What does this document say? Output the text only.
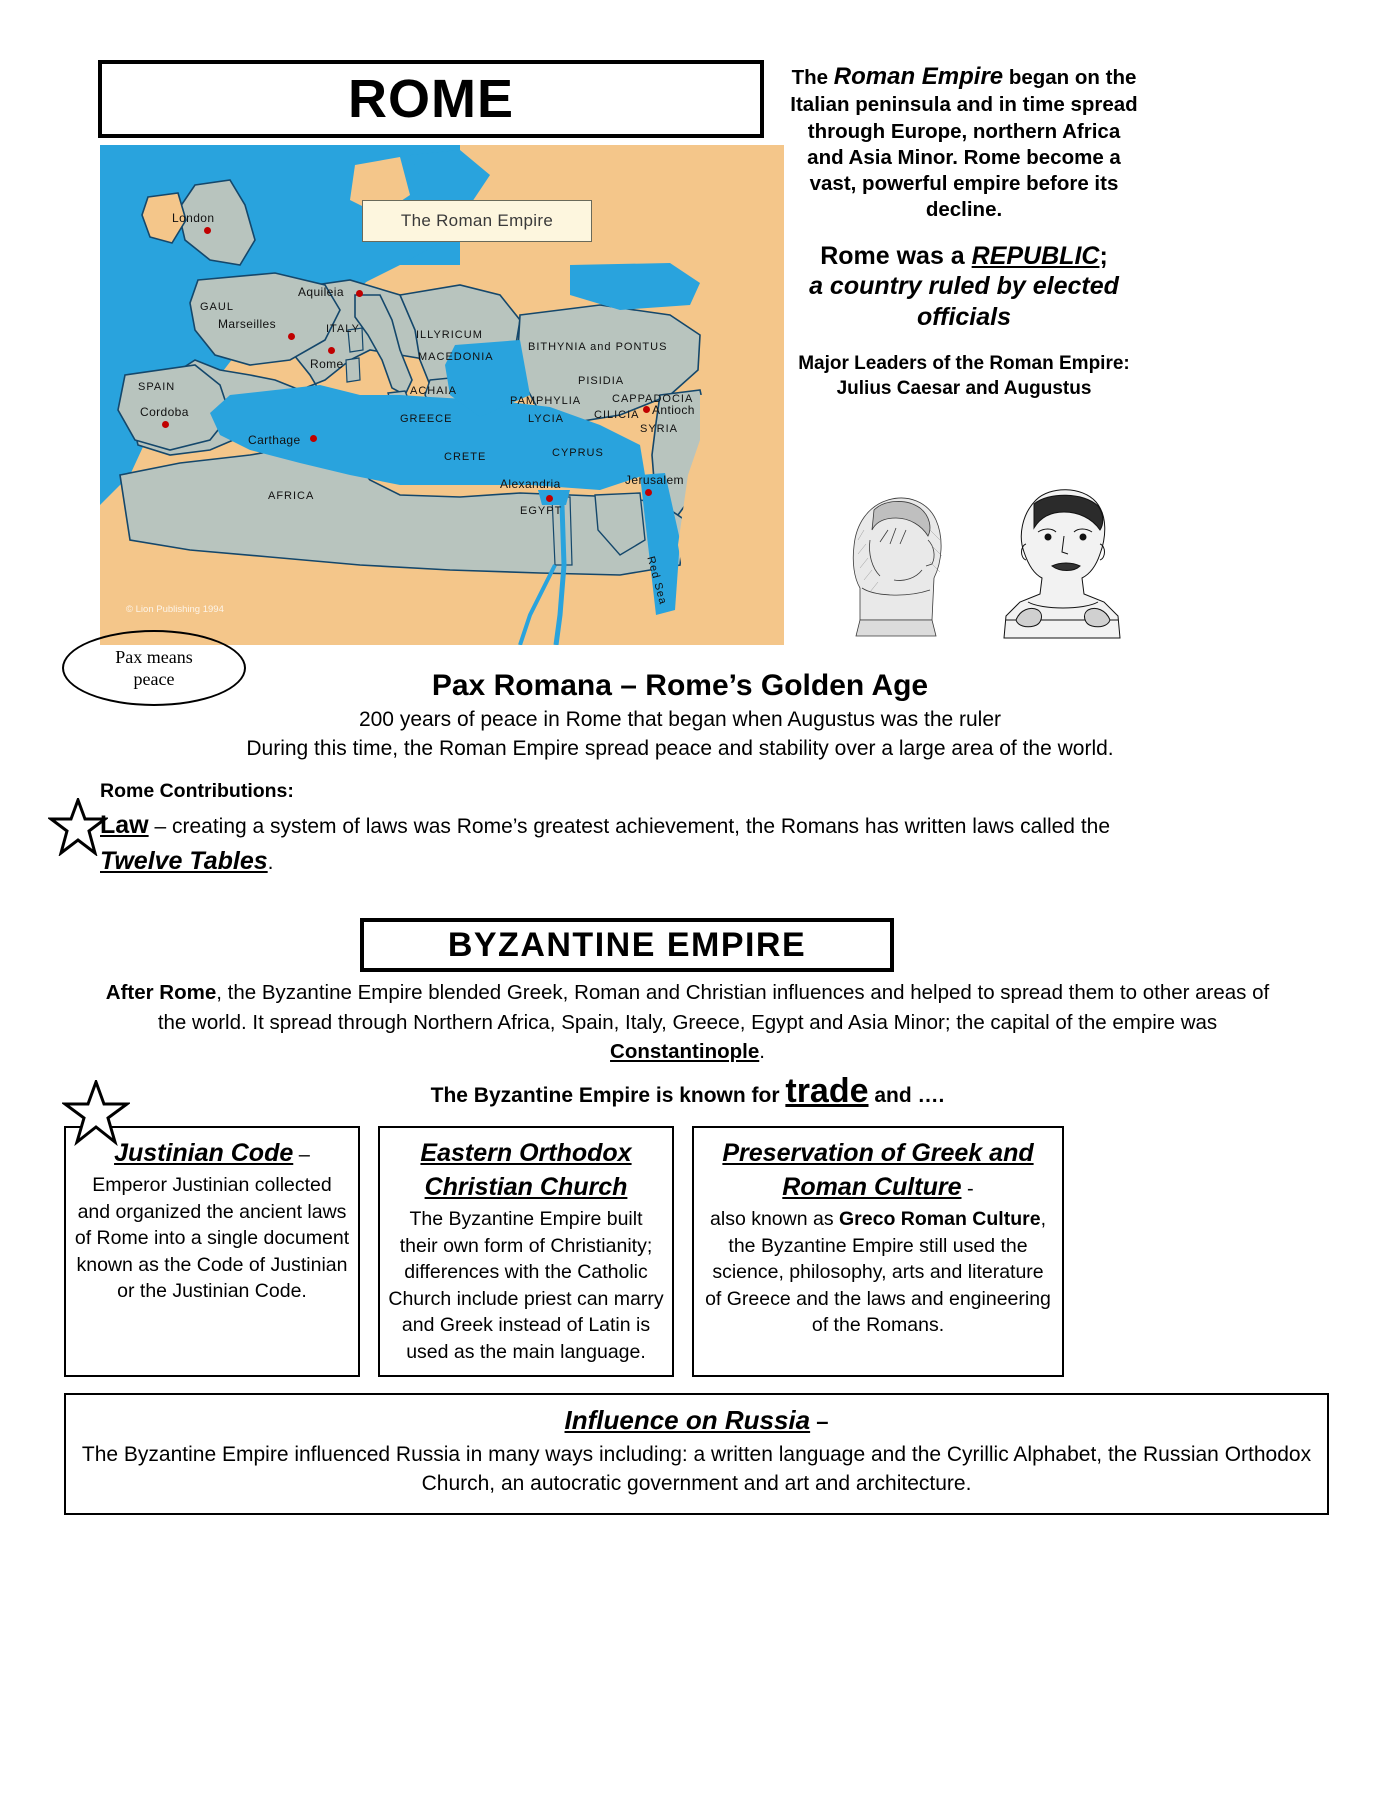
ROME
The Roman Empire
London
Aquileia
Marseilles
Rome
Cordoba
Carthage
Antioch
Alexandria	Jerusalem
GAUL
SPAIN
ITALY	ILLYRICUM
MACEDONIA
ACHAIA
GREECE
CRETE
BITHYNIA and PONTUS
PISIDIA
CAPPADOCIA
PAMPHYLIA
LYCIA	CILICIA
SYRIA
CYPRUS
EGYPT
AFRICA
Red Sea
© Lion Publishing 1994

The Roman Empire began on the Italian peninsula and in time spread through Europe, northern Africa and Asia Minor. Rome become a vast, powerful empire before its decline.

Rome was a REPUBLIC;

a country ruled by elected officials

Major Leaders of the Roman Empire:
Julius Caesar and Augustus

Pax means
peace	Pax Romana – Rome’s Golden Age

200 years of peace in Rome that began when Augustus was the ruler

During this time, the Roman Empire spread peace and stability over a large area of the world.

Rome Contributions:

Law – creating a system of laws was Rome’s greatest achievement, the Romans has written laws called the Twelve Tables.

BYZANTINE EMPIRE
After Rome, the Byzantine Empire blended Greek, Roman and Christian influences and helped to spread them to other areas of the world. It spread through Northern Africa, Spain, Italy, Greece, Egypt and Asia Minor; the capital of the empire was Constantinople.
The Byzantine Empire is known for trade and ….
Justinian Code –
Emperor Justinian collected and organized the ancient laws of Rome into a single document known as the Code of Justinian or the Justinian Code.
Eastern Orthodox Christian Church
The Byzantine Empire built their own form of Christianity; differences with the Catholic Church include priest can marry and Greek instead of Latin is used as the main language.
Preservation of Greek and Roman Culture -
also known as Greco Roman Culture, the Byzantine Empire still used the science, philosophy, arts and literature of Greece and the laws and engineering of the Romans.
Influence on Russia –
The Byzantine Empire influenced Russia in many ways including: a written language and the Cyrillic Alphabet, the Russian Orthodox Church, an autocratic government and art and architecture.
